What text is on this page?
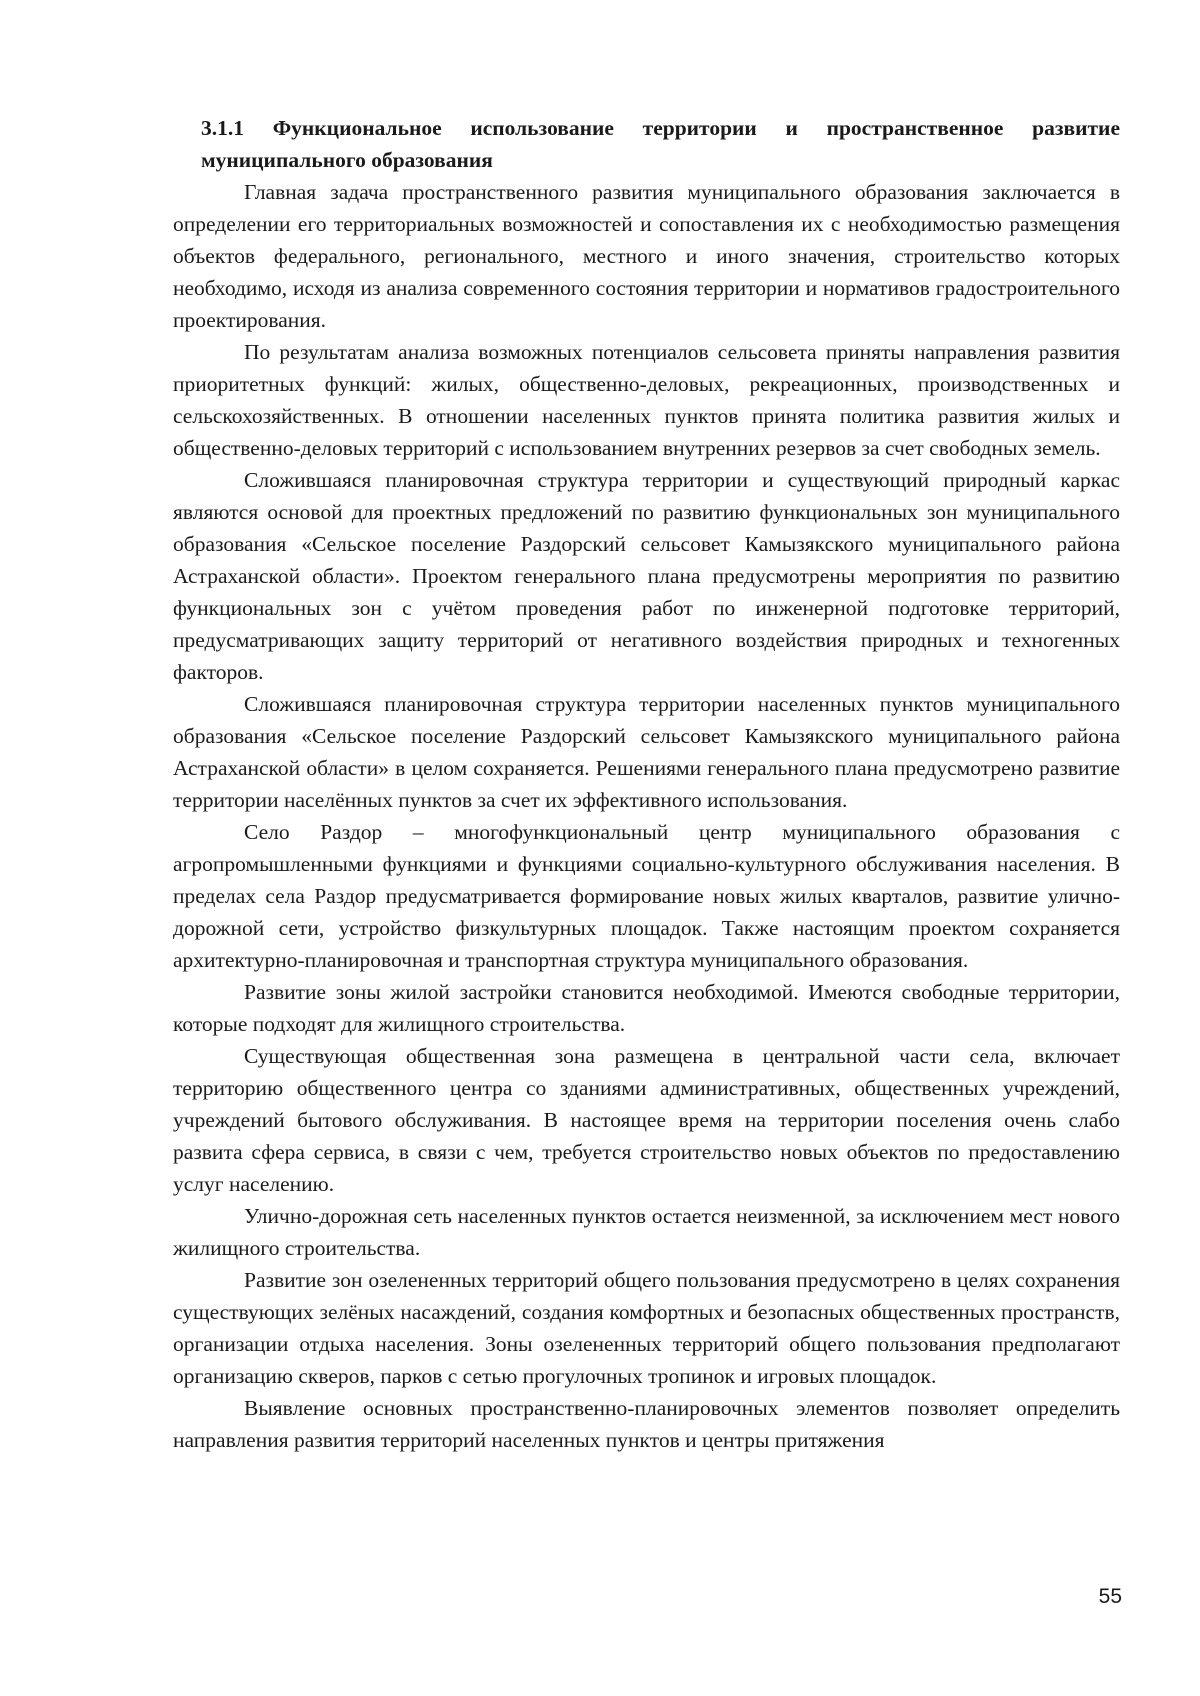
3.1.1 Функциональное использование территории и пространственное развитие муниципального образования

Главная задача пространственного развития муниципального образования заключается в определении его территориальных возможностей и сопоставления их с необходимостью размещения объектов федерального, регионального, местного и иного значения, строительство которых необходимо, исходя из анализа современного состояния территории и нормативов градостроительного проектирования.

По результатам анализа возможных потенциалов сельсовета приняты направления развития приоритетных функций: жилых, общественно-деловых, рекреационных, производственных и сельскохозяйственных. В отношении населенных пунктов принята политика развития жилых и общественно-деловых территорий с использованием внутренних резервов за счет свободных земель.

Сложившаяся планировочная структура территории и существующий природный каркас являются основой для проектных предложений по развитию функциональных зон муниципального образования «Сельское поселение Раздорский сельсовет Камызякского муниципального района Астраханской области». Проектом генерального плана предусмотрены мероприятия по развитию функциональных зон с учётом проведения работ по инженерной подготовке территорий, предусматривающих защиту территорий от негативного воздействия природных и техногенных факторов.

Сложившаяся планировочная структура территории населенных пунктов муниципального образования «Сельское поселение Раздорский сельсовет Камызякского муниципального района Астраханской области» в целом сохраняется. Решениями генерального плана предусмотрено развитие территории населённых пунктов за счет их эффективного использования.

Село Раздор – многофункциональный центр муниципального образования с агропромышленными функциями и функциями социально-культурного обслуживания населения. В пределах села Раздор предусматривается формирование новых жилых кварталов, развитие улично-дорожной сети, устройство физкультурных площадок. Также настоящим проектом сохраняется архитектурно-планировочная и транспортная структура муниципального образования.

Развитие зоны жилой застройки становится необходимой. Имеются свободные территории, которые подходят для жилищного строительства.

Существующая общественная зона размещена в центральной части села, включает территорию общественного центра со зданиями административных, общественных учреждений, учреждений бытового обслуживания. В настоящее время на территории поселения очень слабо развита сфера сервиса, в связи с чем, требуется строительство новых объектов по предоставлению услуг населению.

Улично-дорожная сеть населенных пунктов остается неизменной, за исключением мест нового жилищного строительства.

Развитие зон озелененных территорий общего пользования предусмотрено в целях сохранения существующих зелёных насаждений, создания комфортных и безопасных общественных пространств, организации отдыха населения. Зоны озелененных территорий общего пользования предполагают организацию скверов, парков с сетью прогулочных тропинок и игровых площадок.

Выявление основных пространственно-планировочных элементов позволяет определить направления развития территорий населенных пунктов и центры притяжения

55
